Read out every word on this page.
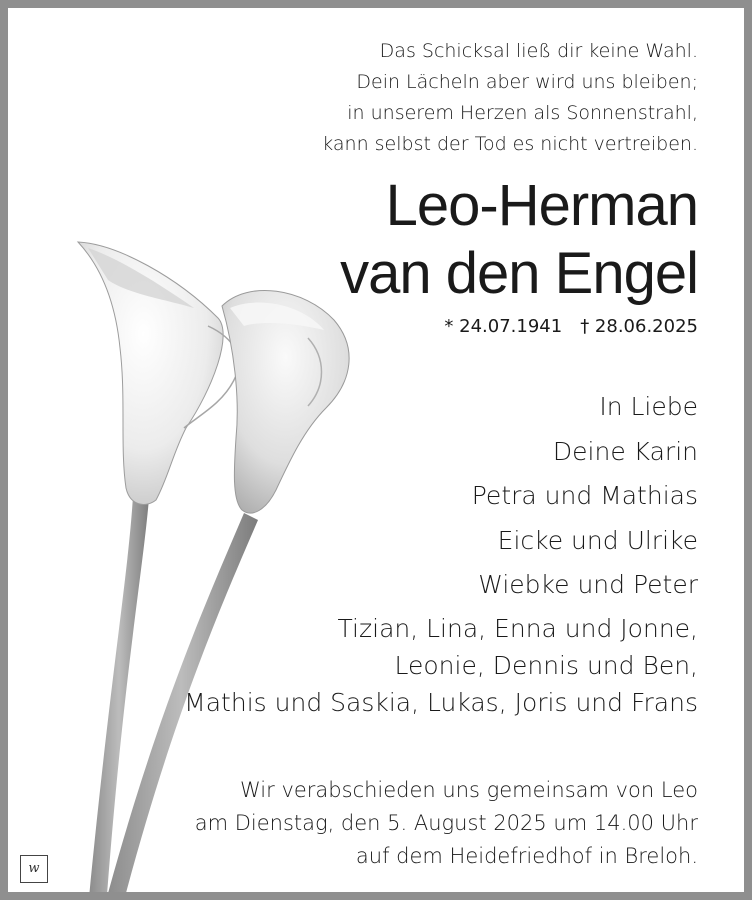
Das Schicksal ließ dir keine Wahl.
Dein Lächeln aber wird uns bleiben;
in unserem Herzen als Sonnenstrahl,
kann selbst der Tod es nicht vertreiben.
Leo-Herman
van den Engel
* 24.07.1941 † 28.06.2025
In Liebe
Deine Karin
Petra und Mathias
Eicke und Ulrike
Wiebke und Peter
Tizian, Lina, Enna und Jonne,
Leonie, Dennis und Ben,
Mathis und Saskia, Lukas, Joris und Frans
Wir verabschieden uns gemeinsam von Leo
am Dienstag, den 5. August 2025 um 14.00 Uhr
auf dem Heidefriedhof in Breloh.
w
